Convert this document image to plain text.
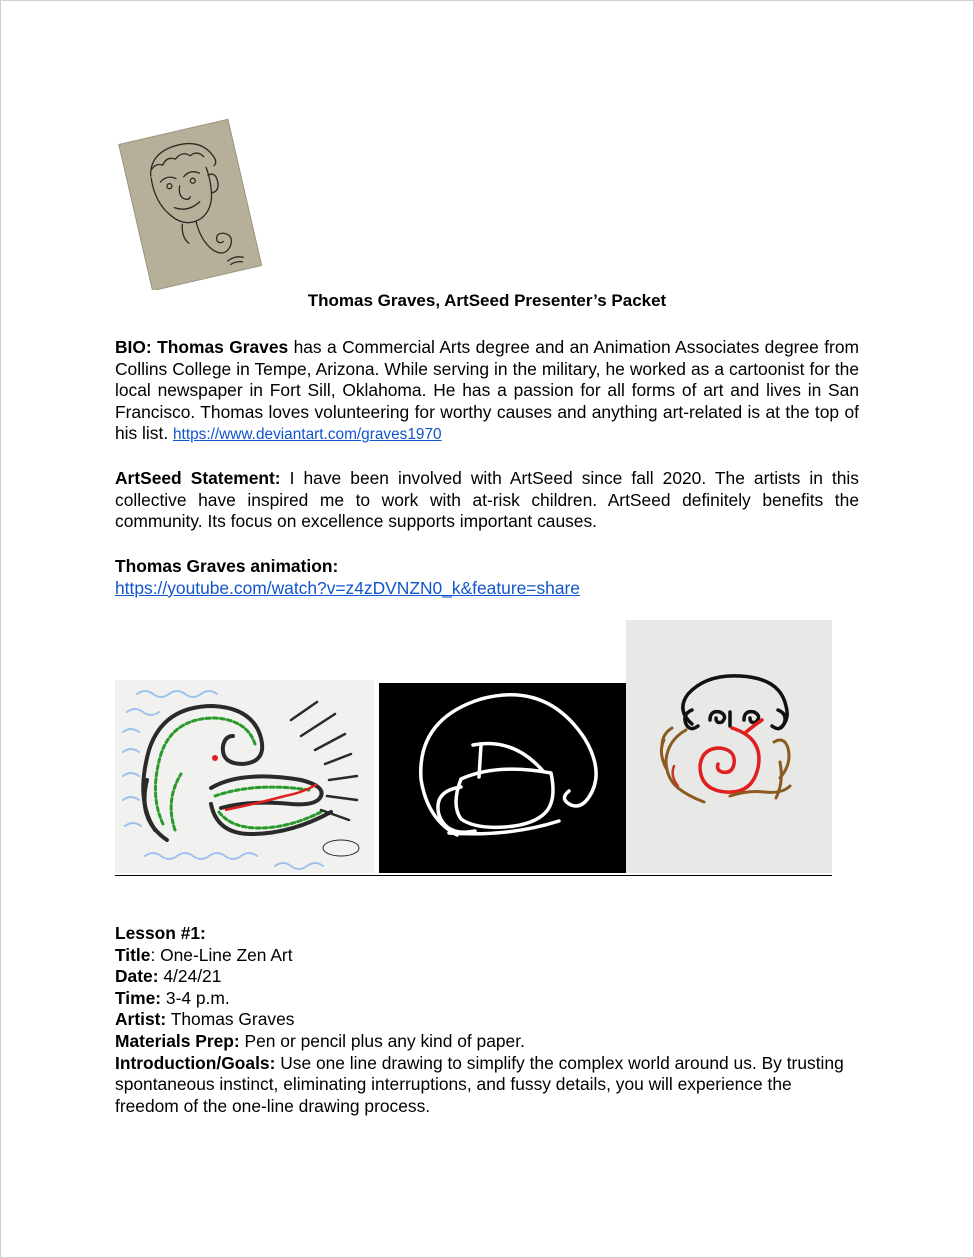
Thomas Graves, ArtSeed Presenter’s Packet
BIO: Thomas Graves has a Commercial Arts degree and an Animation Associates degree from Collins College in Tempe, Arizona. While serving in the military, he worked as a cartoonist for the local newspaper in Fort Sill, Oklahoma. He has a passion for all forms of art and lives in San Francisco. Thomas loves volunteering for worthy causes and anything art-related is at the top of his list. https://www.deviantart.com/graves1970
ArtSeed Statement: I have been involved with ArtSeed since fall 2020. The artists in this collective have inspired me to work with at-risk children. ArtSeed definitely benefits the community. Its focus on excellence supports important causes.
Thomas Graves animation:
https://youtube.com/watch?v=z4zDVNZN0_k&feature=share
Lesson #1:
Title: One-Line Zen Art
Date: 4/24/21
Time: 3-4 p.m.
Artist: Thomas Graves
Materials Prep: Pen or pencil plus any kind of paper.
Introduction/Goals: Use one line drawing to simplify the complex world around us. By trusting spontaneous instinct, eliminating interruptions, and fussy details, you will experience the freedom of the one-line drawing process.
